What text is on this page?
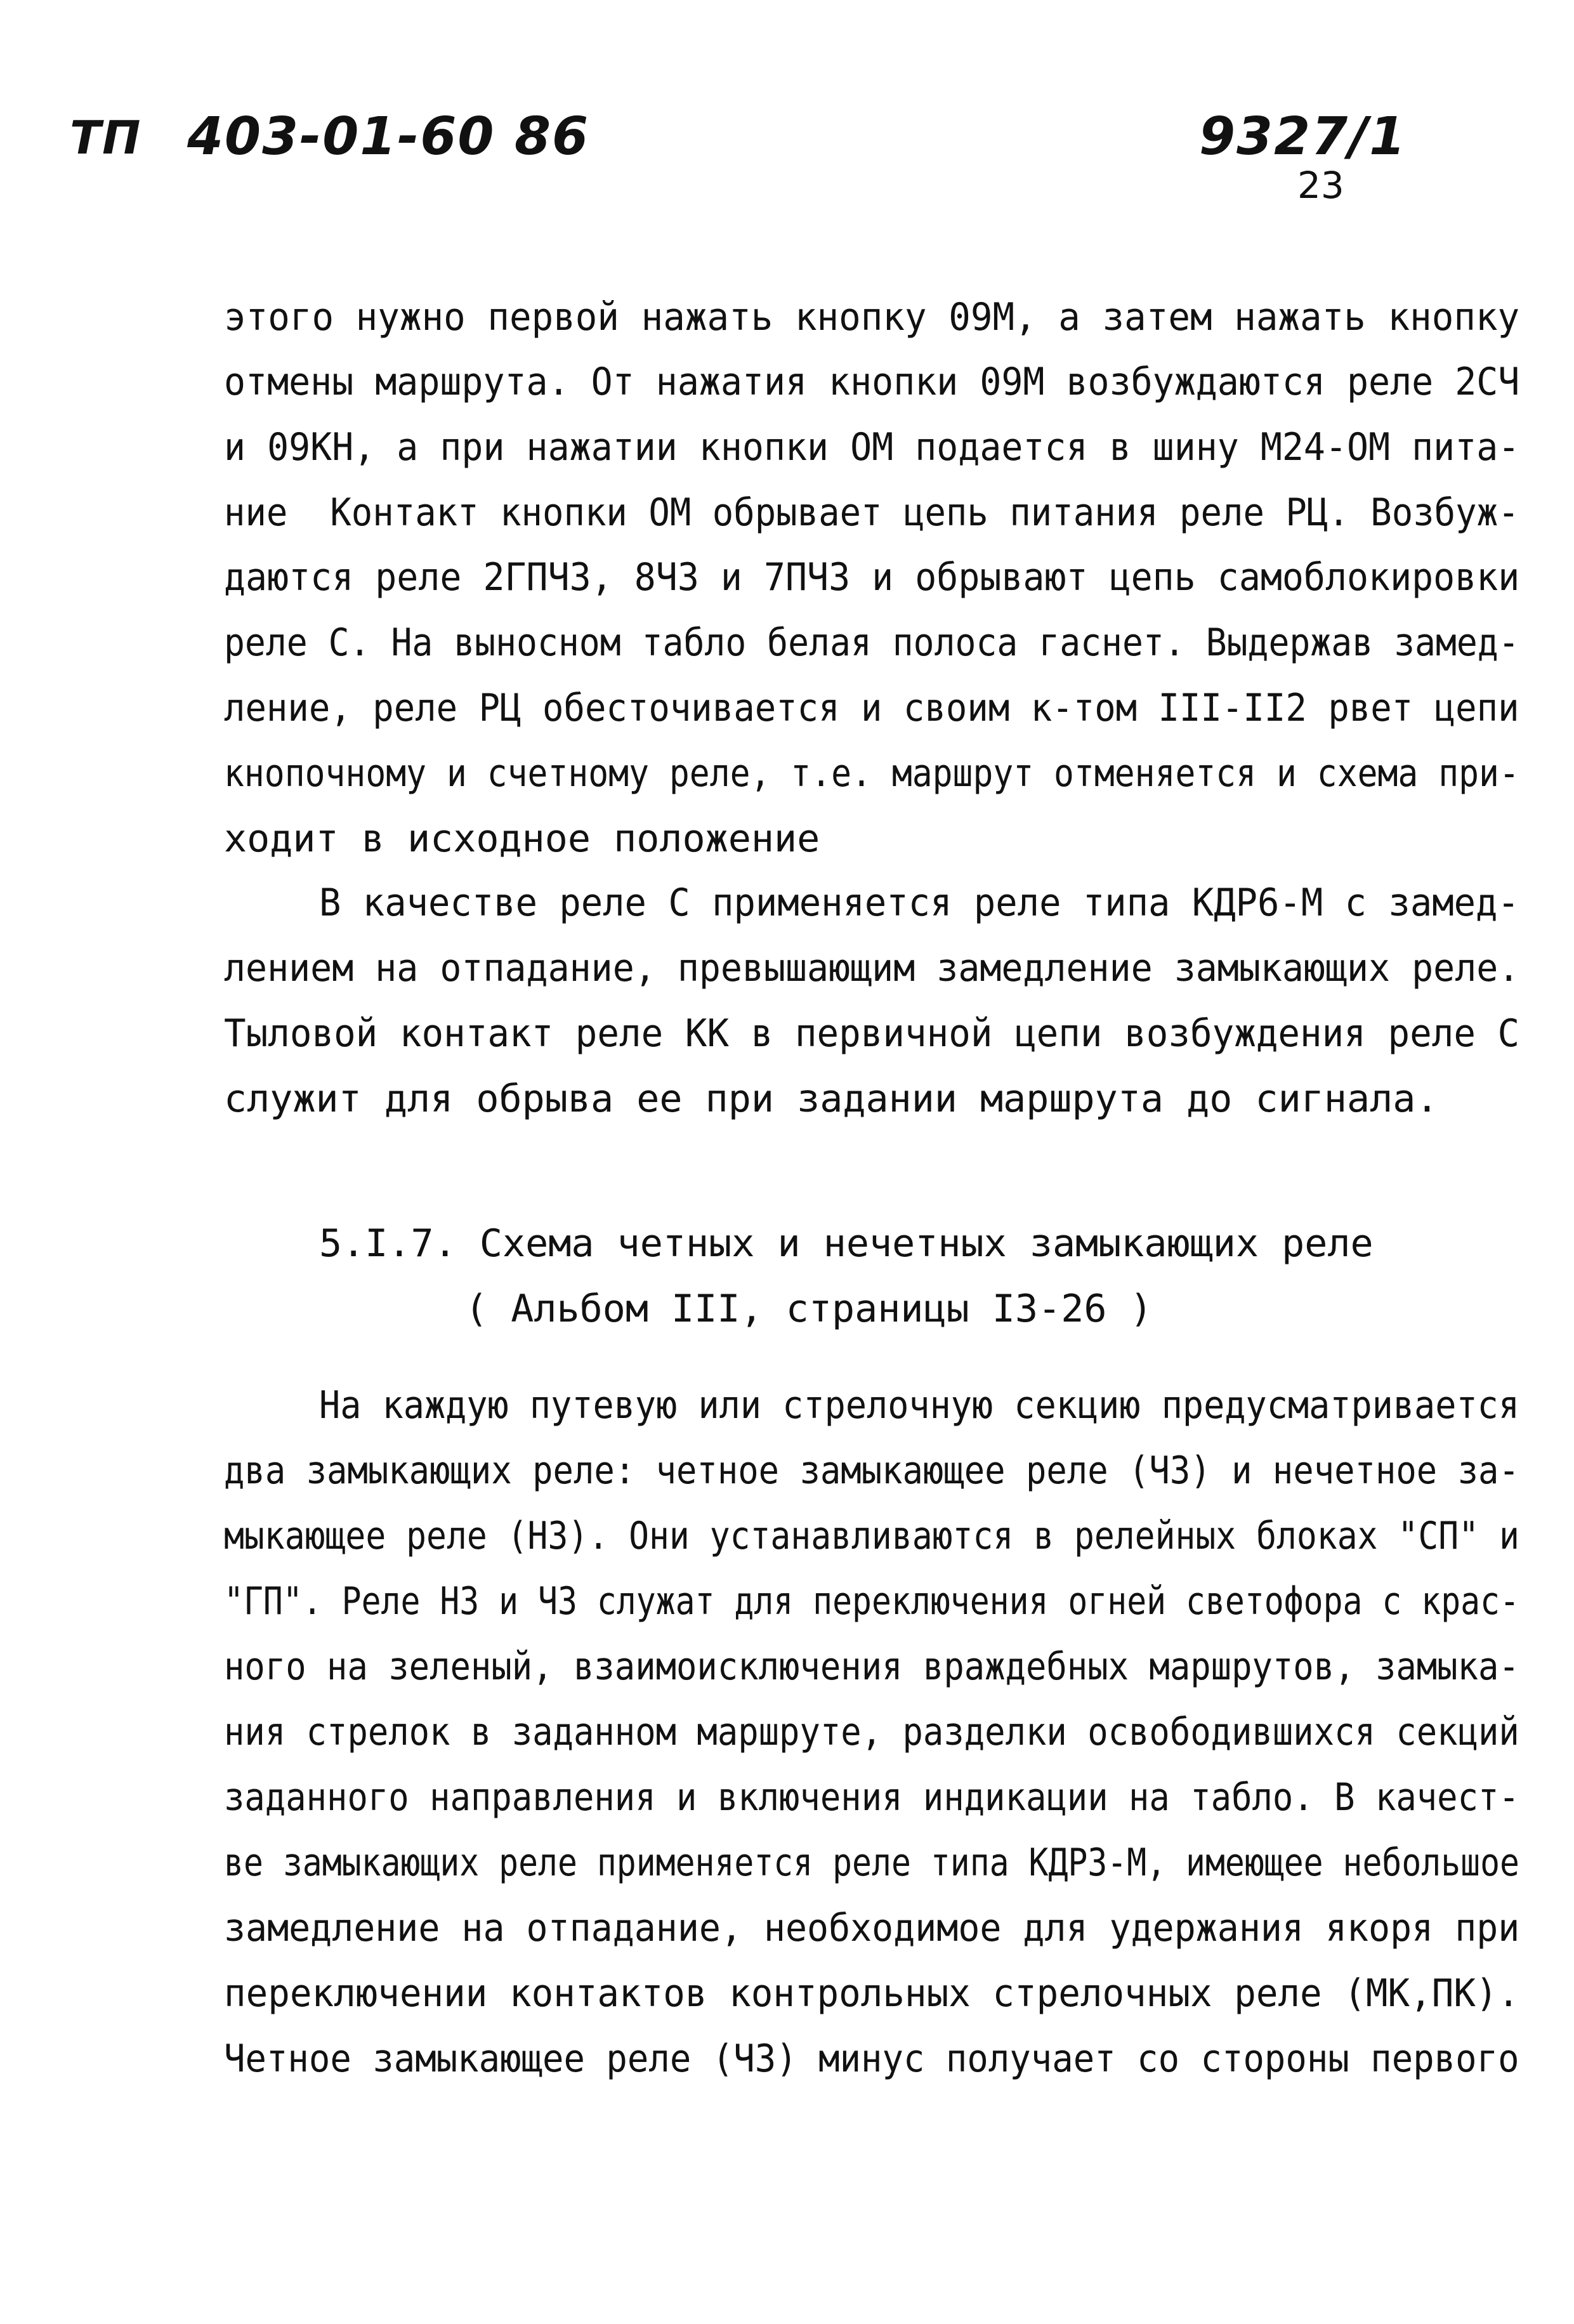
ТП 403-01-60 86	9327/1
23
этого нужно первой нажать кнопку 09М, а затем нажать кнопку
отмены маршрута. От нажатия кнопки 09М возбуждаются реле 2СЧ
и 09КН, а при нажатии кнопки ОМ подается в шину М24-ОМ пита-
ние  Контакт кнопки ОМ обрывает цепь питания реле РЦ. Возбуж-
даются реле 2ГПЧЗ, 8ЧЗ и 7ПЧЗ и обрывают цепь самоблокировки
реле С. На выносном табло белая полоса гаснет. Выдержав замед-
ление, реле РЦ обесточивается и своим к-том III-II2 рвет цепи
кнопочному и счетному реле, т.е. маршрут отменяется и схема при-
ходит в исходное положение
В качестве реле С применяется реле типа КДР6-М с замед-
лением на отпадание, превышающим замедление замыкающих реле.
Тыловой контакт реле КК в первичной цепи возбуждения реле С
служит для обрыва ее при задании маршрута до сигнала.
5.I.7. Схема четных и нечетных замыкающих реле
( Альбом III, страницы I3-26 )
На каждую путевую или стрелочную секцию предусматривается
два замыкающих реле: четное замыкающее реле (ЧЗ) и нечетное за-
мыкающее реле (НЗ). Они устанавливаются в релейных блоках "СП" и
"ГП". Реле НЗ и ЧЗ служат для переключения огней светофора с крас-
ного на зеленый, взаимоисключения враждебных маршрутов, замыка-
ния стрелок в заданном маршруте, разделки освободившихся секций
заданного направления и включения индикации на табло. В качест-
ве замыкающих реле применяется реле типа КДРЗ-М, имеющее небольшое
замедление на отпадание, необходимое для удержания якоря при
переключении контактов контрольных стрелочных реле (МК,ПК).
Четное замыкающее реле (ЧЗ) минус получает со стороны первого
